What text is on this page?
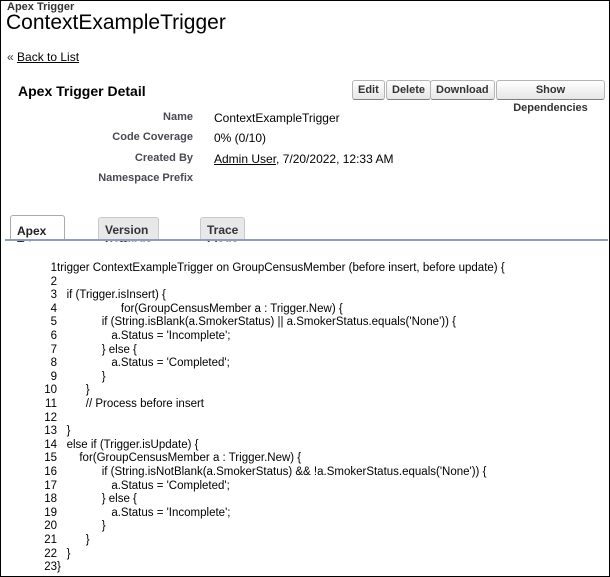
Apex Trigger
ContextExampleTrigger
« Back to List
Apex Trigger Detail	Edit	Delete Download	Show Dependencies
Name ContextExampleTrigger
Code Coverage 0% (0/10)
Created By Admin User, 7/20/2022, 12:33 AM
Namespace Prefix
Apex	Version	Trace
1 trigger ContextExampleTrigger on GroupCensusMember (before insert, before update) {
2
3 if (Trigger.isInsert) {
4 for(GroupCensusMember a : Trigger.New) {
5 if (String.isBlank(a.SmokerStatus) || a.SmokerStatus.equals('None')) {
6 a.Status = 'Incomplete';
7 } else {
8 a.Status = 'Completed';
9 }
10 }
11 // Process before insert
12
13 }
14 else if (Trigger.isUpdate) {
15 for(GroupCensusMember a : Trigger.New) {
16 if (String.isNotBlank(a.SmokerStatus) && !a.SmokerStatus.equals('None')) {
17 a.Status = 'Completed';
18 } else {
19 a.Status = 'Incomplete';
20 }
21 }
22 }
23 }
